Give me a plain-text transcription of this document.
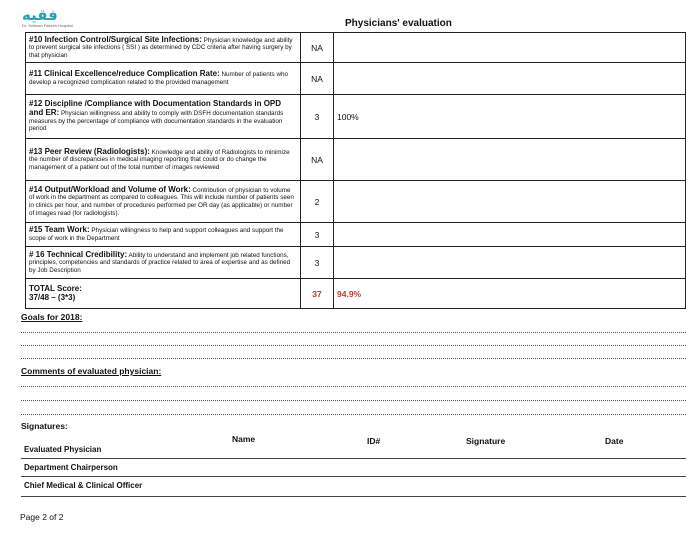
فقيه
Dr. Soliman Fakeeh Hospital	Physicians' evaluation
#10 Infection Control/Surgical Site Infections: Physician knowledge and ability to prevent surgical site infections ( SSI ) as determined by CDC criteria after having surgery by that physician	NA	
#11 Clinical Excellence/reduce Complication Rate: Number of patients who develop a recognized complication related to the provided management	NA	
#12 Discipline /Compliance with Documentation Standards in OPD and ER: Physician willingness and ability to comply with DSFH documentation standards measures by the percentage of compliance with documentation standards in the evaluation period	3	100%
#13 Peer Review (Radiologists): Knowledge and ability of Radiologists to minimize the number of discrepancies in medical imaging reporting that could or do change the management of a patient out of the total number of images reviewed	NA	
#14 Output/Workload and Volume of Work: Contribution of physician to volume of work in the department as compared to colleagues. This will include number of patients seen in clinics per hour, and number of procedures performed per OR day (as applicable) or number of images read (for radiologists).	2	
#15 Team Work: Physician willingness to help and support colleagues and support the scope of work in the Department	3	
# 16 Technical Credibility: Ability to understand and implement job related functions, principles, competencies and standards of practice related to area of expertise and as defined by Job Description	3	
TOTAL Score:
37/48 – (3*3)	37	94.9%
Goals for 2018:
Comments of evaluated physician:
Signatures:
Name	ID#	Signature	Date
Evaluated Physician
Department Chairperson
Chief Medical & Clinical Officer
Page 2 of 2
